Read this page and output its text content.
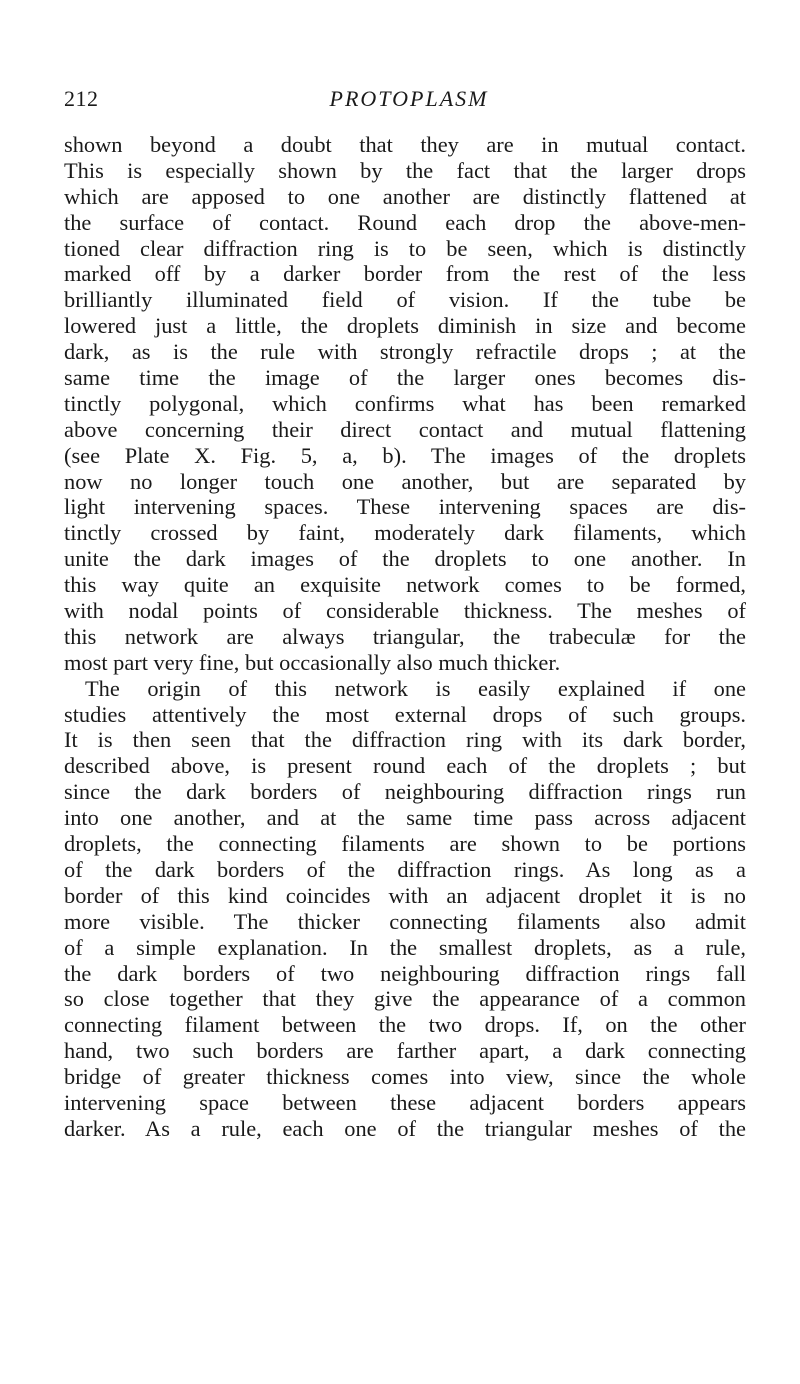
212	PROTOPLASM
shown beyond a doubt that they are in mutual contact.
This is especially shown by the fact that the larger drops
which are apposed to one another are distinctly flattened at
the surface of contact. Round each drop the above-men-
tioned clear diffraction ring is to be seen, which is distinctly
marked off by a darker border from the rest of the less
brilliantly illuminated field of vision. If the tube be
lowered just a little, the droplets diminish in size and become
dark, as is the rule with strongly refractile drops ; at the
same time the image of the larger ones becomes dis-
tinctly polygonal, which confirms what has been remarked
above concerning their direct contact and mutual flattening
(see Plate X. Fig. 5, a, b). The images of the droplets
now no longer touch one another, but are separated by
light intervening spaces. These intervening spaces are dis-
tinctly crossed by faint, moderately dark filaments, which
unite the dark images of the droplets to one another. In
this way quite an exquisite network comes to be formed,
with nodal points of considerable thickness. The meshes of
this network are always triangular, the trabeculæ for the
most part very fine, but occasionally also much thicker.
The origin of this network is easily explained if one
studies attentively the most external drops of such groups.
It is then seen that the diffraction ring with its dark border,
described above, is present round each of the droplets ; but
since the dark borders of neighbouring diffraction rings run
into one another, and at the same time pass across adjacent
droplets, the connecting filaments are shown to be portions
of the dark borders of the diffraction rings. As long as a
border of this kind coincides with an adjacent droplet it is no
more visible. The thicker connecting filaments also admit
of a simple explanation. In the smallest droplets, as a rule,
the dark borders of two neighbouring diffraction rings fall
so close together that they give the appearance of a common
connecting filament between the two drops. If, on the other
hand, two such borders are farther apart, a dark connecting
bridge of greater thickness comes into view, since the whole
intervening space between these adjacent borders appears
darker. As a rule, each one of the triangular meshes of the
